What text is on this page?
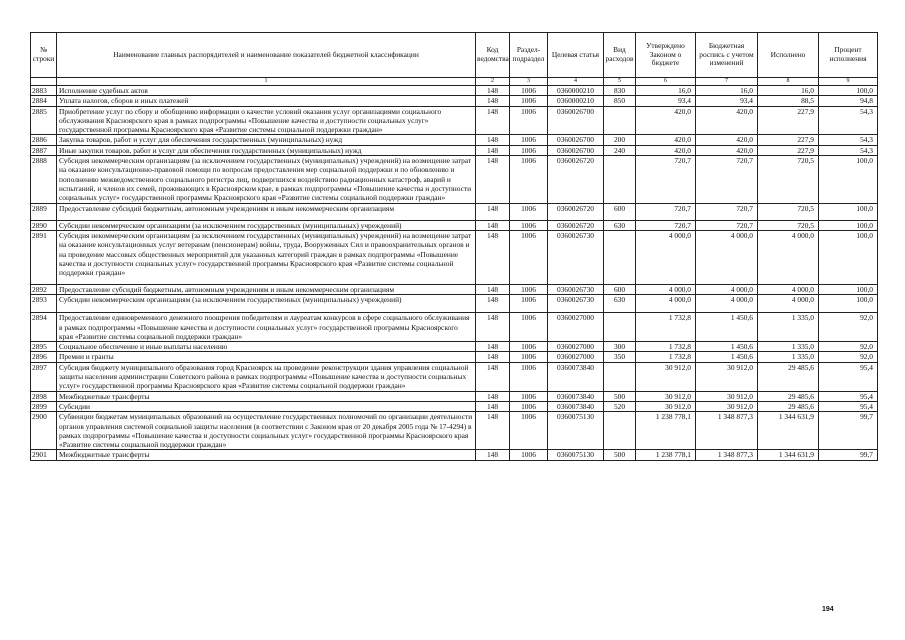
№ строки	Наименование главных распорядителей и наименование показателей бюджетной классификации	Код ведомства	Раздел-подраздел	Целевая статья	Вид расходов	Утверждено Законом о бюджете	Бюджетная роспись с учетом изменений	Исполнено	Процент исполнения
	1	2	3	4	5	6	7	8	9
2883	Исполнение судебных актов	148	1006	0360000210	830	16,0	16,0	16,0	100,0
2884	Уплата налогов, сборов и иных платежей	148	1006	0360000210	850	93,4	93,4	88,5	94,8
2885	Приобретение услуг по сбору и обобщению информации о качестве условий оказания услуг организациями социального обслуживания Красноярского края в рамках подпрограммы «Повышение качества и доступности социальных услуг» государственной программы Красноярского края «Развитие системы социальной поддержки граждан»	148	1006	0360026700		420,0	420,0	227,9	54,3
2886	Закупка товаров, работ и услуг для обеспечения государственных (муниципальных) нужд	148	1006	0360026700	200	420,0	420,0	227,9	54,3
2887	Иные закупки товаров, работ и услуг для обеспечения государственных (муниципальных) нужд	148	1006	0360026700	240	420,0	420,0	227,9	54,3
2888	Субсидия некоммерческим организациям (за исключением государственных (муниципальных) учреждений) на возмещение затрат на оказание консультационно-правовой помощи по вопросам предоставления мер социальной поддержки и по обновлению и пополнению межведомственного социального регистра лиц, подвергшихся воздействию радиационных катастроф, аварий и испытаний, и членов их семей, проживающих в Красноярском крае, в рамках подпрограммы «Повышение качества и доступности социальных услуг» государственной программы Красноярского края «Развитие системы социальной поддержки граждан»	148	1006	0360026720		720,7	720,7	720,5	100,0
2889	Предоставление субсидий бюджетным, автономным учреждениям и иным некоммерческим организациям	148	1006	0360026720	600	720,7	720,7	720,5	100,0
2890	Субсидии некоммерческим организациям (за исключением государственных (муниципальных) учреждений)	148	1006	0360026720	630	720,7	720,7	720,5	100,0
2891	Субсидия некоммерческим организациям (за исключением государственных (муниципальных) учреждений) на возмещение затрат на оказание консультационных услуг ветеранам (пенсионерам) войны, труда, Вооруженных Сил и правоохранительных органов и на проведение массовых общественных мероприятий для указанных категорий граждан в рамках подпрограммы «Повышение качества и доступности социальных услуг» государственной программы Красноярского края «Развитие системы социальной поддержки граждан»	148	1006	0360026730		4 000,0	4 000,0	4 000,0	100,0
2892	Предоставление субсидий бюджетным, автономным учреждениям и иным некоммерческим организациям	148	1006	0360026730	600	4 000,0	4 000,0	4 000,0	100,0
2893	Субсидии некоммерческим организациям (за исключением государственных (муниципальных) учреждений)	148	1006	0360026730	630	4 000,0	4 000,0	4 000,0	100,0
2894	Предоставление единовременного денежного поощрения победителям и лауреатам конкурсов в сфере социального обслуживания в рамках подпрограммы «Повышение качества и доступности социальных услуг» государственной программы Красноярского края «Развитие системы социальной поддержки граждан»	148	1006	0360027000		1 732,8	1 450,6	1 335,0	92,0
2895	Социальное обеспечение и иные выплаты населению	148	1006	0360027000	300	1 732,8	1 450,6	1 335,0	92,0
2896	Премии и гранты	148	1006	0360027000	350	1 732,8	1 450,6	1 335,0	92,0
2897	Субсидия бюджету муниципального образования город Красноярск на проведение реконструкции здания управления социальной защиты населения администрации Советского района в рамках подпрограммы «Повышение качества и доступности социальных услуг» государственной программы Красноярского края «Развитие системы социальной поддержки граждан»	148	1006	0360073840		30 912,0	30 912,0	29 485,6	95,4
2898	Межбюджетные трансферты	148	1006	0360073840	500	30 912,0	30 912,0	29 485,6	95,4
2899	Субсидии	148	1006	0360073840	520	30 912,0	30 912,0	29 485,6	95,4
2900	Субвенции бюджетам муниципальных образований на осуществление государственных полномочий по организации деятельности органов управления системой социальной защиты населения (в соответствии с Законом края от 20 декабря 2005 года № 17-4294) в рамках подпрограммы «Повышение качества и доступности социальных услуг» государственной программы Красноярского края «Развитие системы социальной поддержки граждан»	148	1006	0360075130		1 238 778,1	1 348 877,3	1 344 631,9	99,7
2901	Межбюджетные трансферты	148	1006	0360075130	500	1 238 778,1	1 348 877,3	1 344 631,9	99,7
194
